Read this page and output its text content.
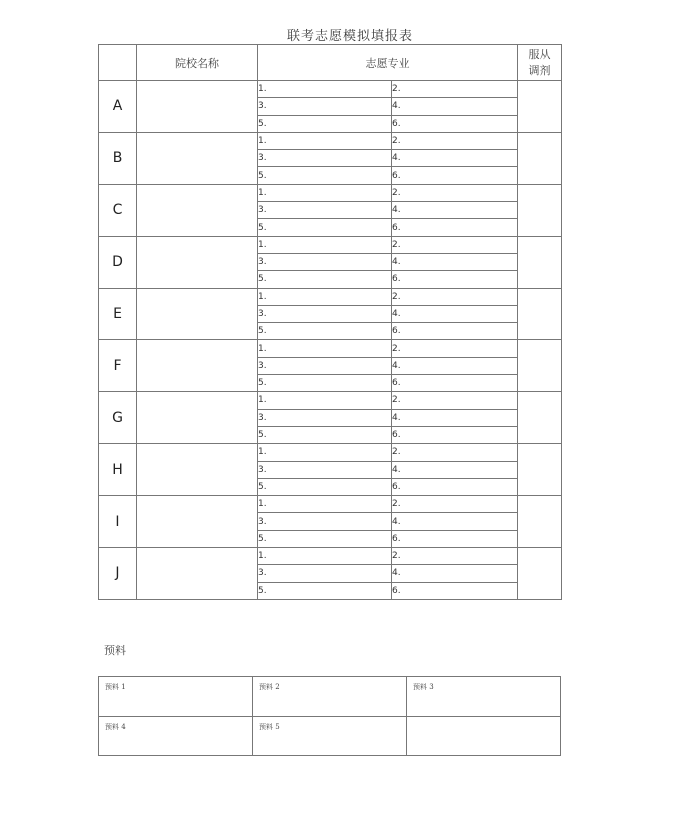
联考志愿模拟填报表
	院校名称	志愿专业		服从
调剂
A		1.	2.	
		3.	4.	
		5.	6.	
B		1.	2.	
		3.	4.	
		5.	6.	
C		1.	2.	
		3.	4.	
		5.	6.	
D		1.	2.	
		3.	4.	
		5.	6.	
E		1.	2.	
		3.	4.	
		5.	6.	
F		1.	2.	
		3.	4.	
		5.	6.	
G		1.	2.	
		3.	4.	
		5.	6.	
H		1.	2.	
		3.	4.	
		5.	6.	
I		1.	2.	
		3.	4.	
		5.	6.	
J		1.	2.	
		3.	4.	
		5.	6.	
预料
预料 1	预料 2	预料 3
预料 4	预料 5	
